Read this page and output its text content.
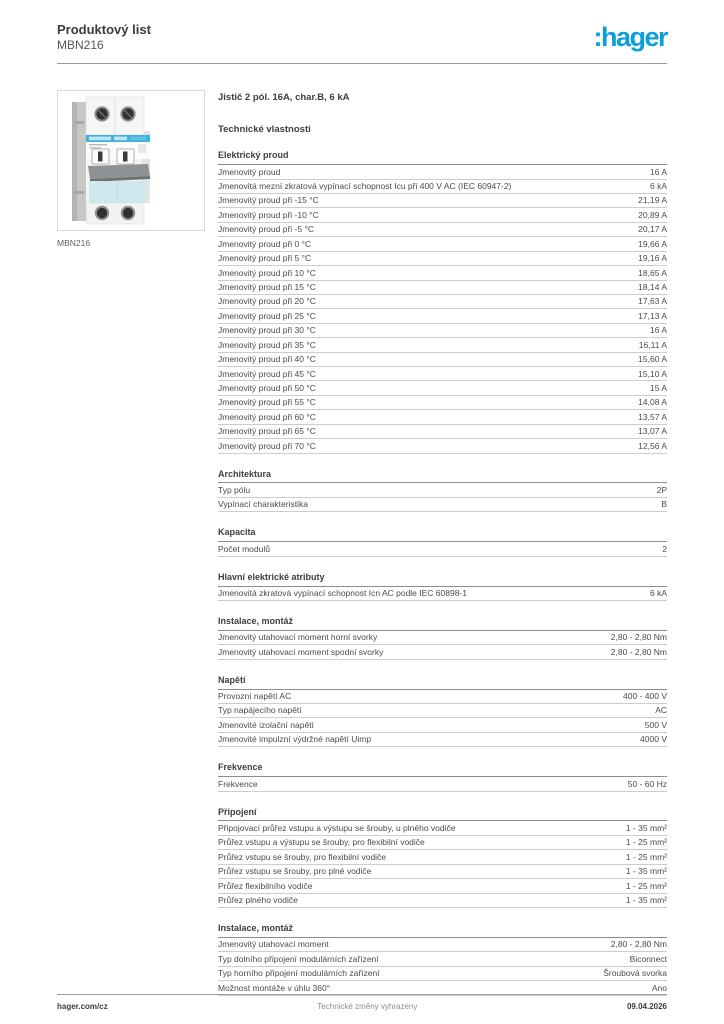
Produktový list
MBN216	:hager
MBN216
Jistič 2 pól. 16A, char.B, 6 kA
Technické vlastnosti
Elektrický proud
Jmenovitý proud	16 A
Jmenovitá mezní zkratová vypínací schopnost Icu při 400 V AC (IEC 60947-2)	6 kA
Jmenovitý proud při -15 °C	21,19 A
Jmenovitý proud při -10 °C	20,89 A
Jmenovitý proud při -5 °C	20,17 A
Jmenovitý proud při 0 °C	19,66 A
Jmenovitý proud při 5 °C	19,16 A
Jmenovitý proud při 10 °C	18,65 A
Jmenovitý proud při 15 °C	18,14 A
Jmenovitý proud při 20 °C	17,63 A
Jmenovitý proud při 25 °C	17,13 A
Jmenovitý proud při 30 °C	16 A
Jmenovitý proud při 35 °C	16,11 A
Jmenovitý proud při 40 °C	15,60 A
Jmenovitý proud při 45 °C	15,10 A
Jmenovitý proud při 50 °C	15 A
Jmenovitý proud při 55 °C	14,08 A
Jmenovitý proud při 60 °C	13,57 A
Jmenovitý proud při 65 °C	13,07 A
Jmenovitý proud při 70 °C	12,56 A
Architektura
Typ pólu	2P
Vypínací charakteristika	B
Kapacita
Počet modulů	2
Hlavní elektrické atributy
Jmenovitá zkratová vypínací schopnost Icn AC podle IEC 60898-1	6 kA
Instalace, montáž
Jmenovitý utahovací moment horní svorky	2,80 - 2,80 Nm
Jmenovitý utahovací moment spodní svorky	2,80 - 2,80 Nm
Napětí
Provozní napětí AC	400 - 400 V
Typ napájecího napětí	AC
Jmenovité izolační napětí	500 V
Jmenovité impulzní výdržné napětí Uimp	4000 V
Frekvence
Frekvence	50 - 60 Hz
Připojení
Připojovací průřez vstupu a výstupu se šrouby, u plného vodiče	1 - 35 mm²
Průřez vstupu a výstupu se šrouby, pro flexibilní vodiče	1 - 25 mm²
Průřez vstupu se šrouby, pro flexibilní vodiče	1 - 25 mm²
Průřez vstupu se šrouby, pro plné vodiče	1 - 35 mm²
Průřez flexibilního vodiče	1 - 25 mm²
Průřez plného vodiče	1 - 35 mm²
Instalace, montáž
Jmenovitý utahovací moment	2,80 - 2,80 Nm
Typ dolního připojení modulárních zařízení	Biconnect
Typ horního připojení modulárních zařízení	Šroubová svorka
Možnost montáže v úhlu 360°	Ano
hager.com/cz	Technické změny vyhrazeny	09.04.2026
